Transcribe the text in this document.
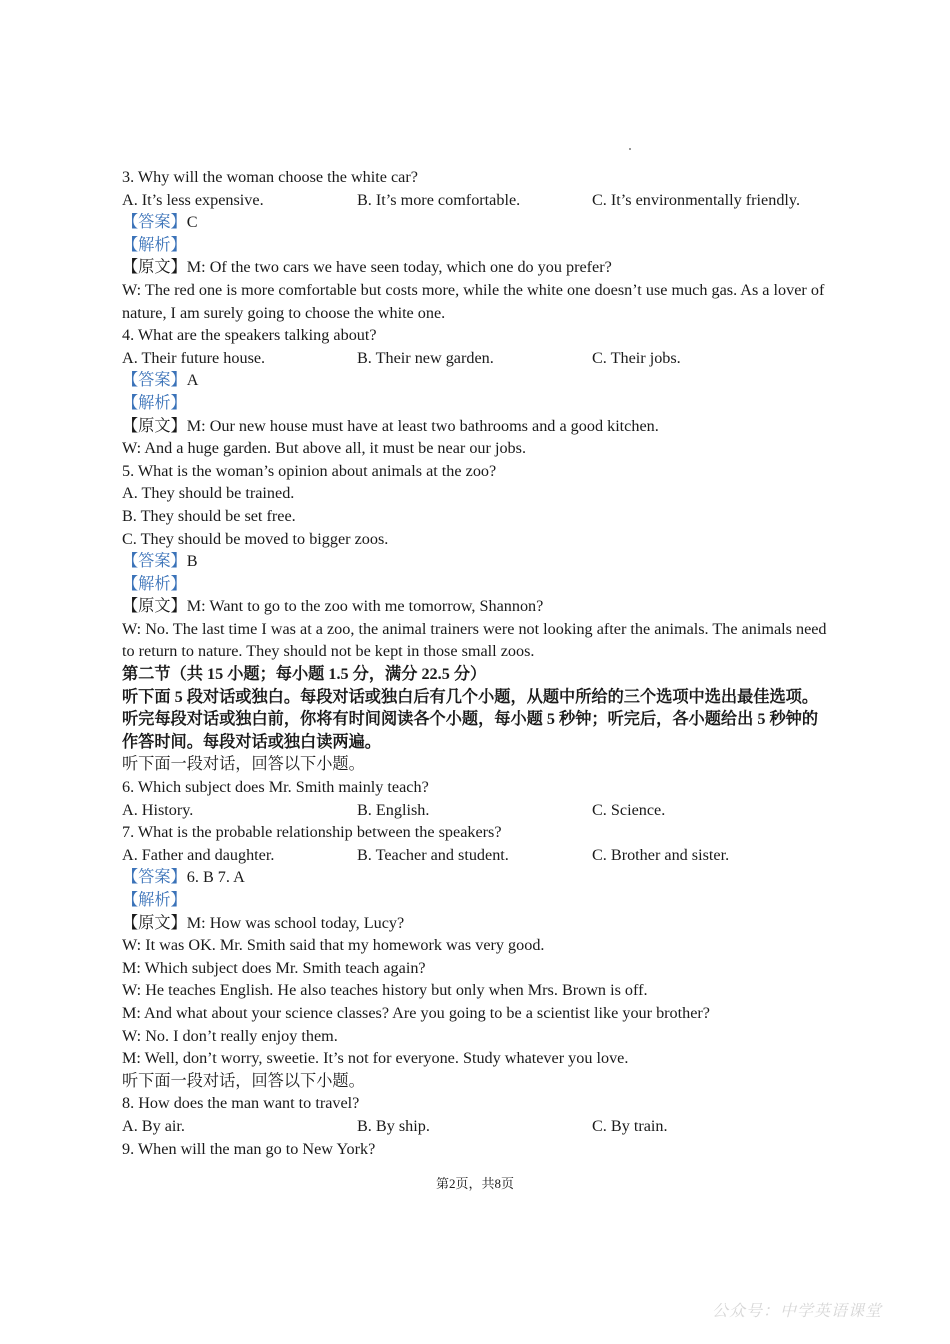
3. Why will the woman choose the white car?
A. It’s less expensive.	B. It’s more comfortable.	C. It’s environmentally friendly.
【答案】C
【解析】
【原文】M: Of the two cars we have seen today, which one do you prefer?
W: The red one is more comfortable but costs more, while the white one doesn’t use much gas. As a lover of nature, I am surely going to choose the white one.
4. What are the speakers talking about?
A. Their future house.	B. Their new garden.	C. Their jobs.
【答案】A
【解析】
【原文】M: Our new house must have at least two bathrooms and a good kitchen.
W: And a huge garden. But above all, it must be near our jobs.
5. What is the woman’s opinion about animals at the zoo?
A. They should be trained.
B. They should be set free.
C. They should be moved to bigger zoos.
【答案】B
【解析】
【原文】M: Want to go to the zoo with me tomorrow, Shannon?
W: No. The last time I was at a zoo, the animal trainers were not looking after the animals. The animals need to return to nature. They should not be kept in those small zoos.
第二节（共 15 小题；每小题 1.5 分，满分 22.5 分）
听下面 5 段对话或独白。每段对话或独白后有几个小题，从题中所给的三个选项中选出最佳选项。听完每段对话或独白前，你将有时间阅读各个小题，每小题 5 秒钟；听完后，各小题给出 5 秒钟的作答时间。每段对话或独白读两遍。
听下面一段对话，回答以下小题。
6. Which subject does Mr. Smith mainly teach?
A. History.	B. English.	C. Science.
7. What is the probable relationship between the speakers?
A. Father and daughter.	B. Teacher and student.	C. Brother and sister.
【答案】6. B 7. A
【解析】
【原文】M: How was school today, Lucy?
W: It was OK. Mr. Smith said that my homework was very good.
M: Which subject does Mr. Smith teach again?
W: He teaches English. He also teaches history but only when Mrs. Brown is off.
M: And what about your science classes? Are you going to be a scientist like your brother?
W: No. I don’t really enjoy them.
M: Well, don’t worry, sweetie. It’s not for everyone. Study whatever you love.
听下面一段对话，回答以下小题。
8. How does the man want to travel?
A. By air.	B. By ship.	C. By train.
9. When will the man go to New York?
第2页，共8页
公众号：中学英语课堂
